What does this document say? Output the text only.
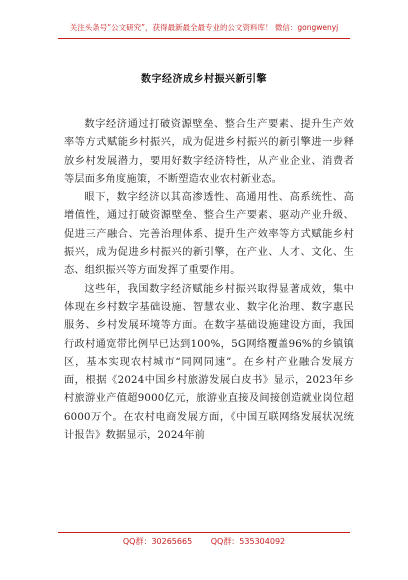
关注头条号“公文研究”，获得最新最全最专业的公文资料库！ 微信：gongwenyj
数字经济成乡村振兴新引擎

数字经济通过打破资源壁垒、整合生产要素、提升生产效率等方式赋能乡村振兴，成为促进乡村振兴的新引擎进一步释放乡村发展潜力，要用好数字经济特性，从产业企业、消费者等层面多角度施策，不断塑造农业农村新业态。

眼下，数字经济以其高渗透性、高通用性、高系统性、高增值性，通过打破资源壁垒、整合生产要素、驱动产业升级、促进三产融合、完善治理体系、提升生产效率等方式赋能乡村振兴，成为促进乡村振兴的新引擎，在产业、人才、文化、生态、组织振兴等方面发挥了重要作用。

这些年，我国数字经济赋能乡村振兴取得显著成效，集中体现在乡村数字基础设施、智慧农业、数字化治理、数字惠民服务、乡村发展环境等方面。在数字基础设施建设方面，我国行政村通宽带比例早已达到100%，5G网络覆盖96%的乡镇镇区，基本实现农村城市“同网同速”。在乡村产业融合发展方面，根据《2024中国乡村旅游发展白皮书》显示，2023年乡村旅游业产值超9000亿元，旅游业直接及间接创造就业岗位超6000万个。在农村电商发展方面，《中国互联网络发展状况统计报告》数据显示，2024年前

QQ群：30265665 QQ群：535304092
